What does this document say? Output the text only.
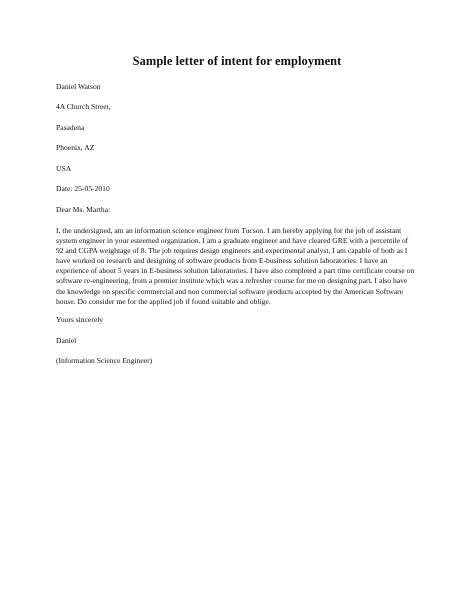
Sample letter of intent for employment
Daniel Watson
4A Church Street,
Pasadena
Phoenix, AZ
USA
Date: 25-05-2010
Dear Ms. Martha:
I, the undersigned, am an information science engineer from Tucson. I am hereby applying for the job of assistant
system engineer in your esteemed organization. I am a graduate engineer and have cleared GRE with a percentile of
92 and CGPA weightage of 8. The job requires design engineers and experimental analyst, I am capable of both as I
have worked on research and designing of software products from E-business solution laboratories. I have an
experience of about 5 years in E-business solution laboratories. I have also completed a part time certificate course on
software re-engineering, from a premier institute which was a refresher course for me on designing part. I also have
the knowledge on specific commercial and non commercial software products accepted by the American Software
house. Do consider me for the applied job if found suitable and oblige.
Yours sincerely
Daniel
(Information Science Engineer)
